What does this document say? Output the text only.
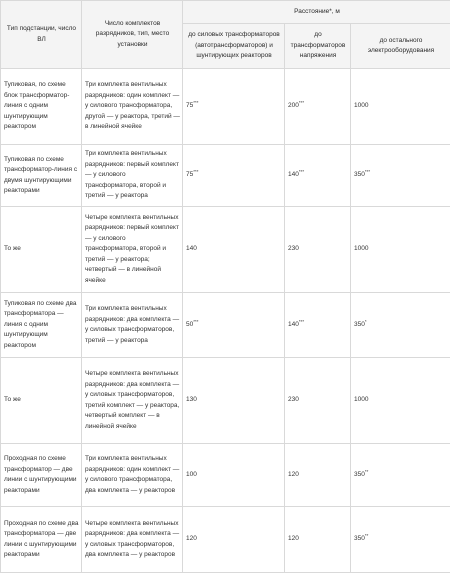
Тип подстанции, число ВЛ	Число комплектов разрядников, тип, место установки	Расстояние*, м		
		до силовых трансформаторов (автотрансформаторов) и шунтирующих реакторов	до трансформаторов напряжения	до остального электрооборудования
Тупиковая, по схеме блок трансформатор-линия с одним шунтирующим реактором	Три комплекта вентильных разрядников: один комплект — у силового трансформатора, другой — у реактора, третий — в линейной ячейке	75***	200***	1000
Тупиковая по схеме трансформатор-линия с двумя шунтирующими реакторами	Три комплекта вентильных разрядников: первый комплект — у силового трансформатора, второй и третий — у реактора	75***	140***	350***
То же	Четыре комплекта вентильных разрядников: первый комплект — у силового трансформатора, второй и третий — у реактора; четвертый — в линейной ячейке	140	230	1000
Тупиковая по схеме два трансформатора — линия с одним шунтирующим реактором	Три комплекта вентильных разрядников: два комплекта — у силовых трансформаторов, третий — у реактора	50***	140***	350*
То же	Четыре комплекта вентильных разрядников: два комплекта — у силовых трансформаторов, третий комплект — у реактора, четвертый комплект — в линейной ячейке	130	230	1000
Проходная по схеме трансформатор — две линии с шунтирующими реакторами	Три комплекта вентильных разрядников: один комплект — у силового трансформатора, два комплекта — у реакторов	100	120	350**
Проходная по схеме два трансформатора — две линии с шунтирующими реакторами	Четыре комплекта вентильных разрядников: два комплекта — у силовых трансформаторов, два комплекта — у реакторов	120	120	350**
